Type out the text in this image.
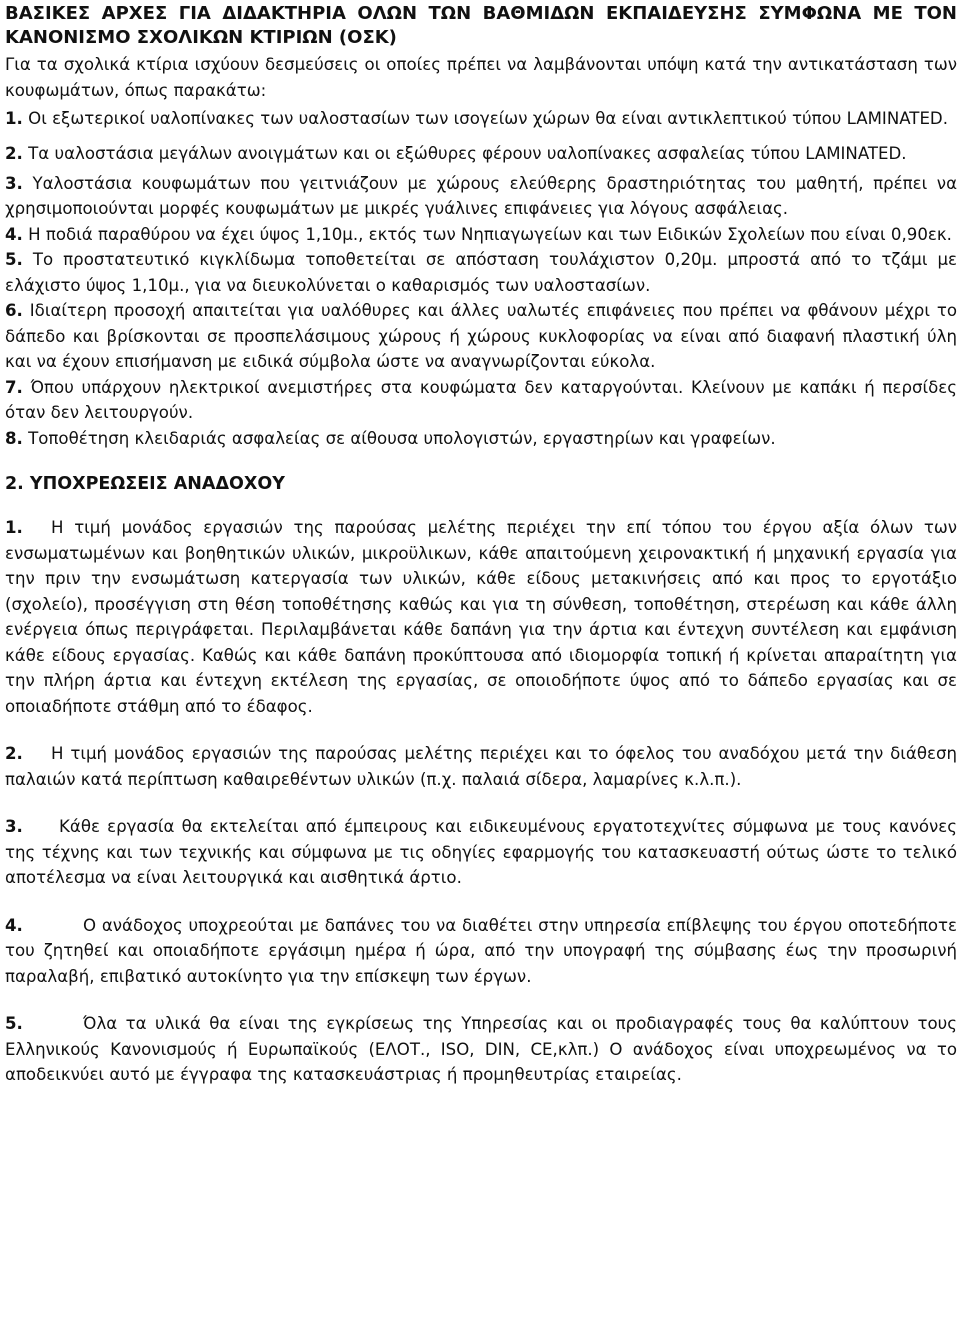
ΒΑΣΙΚΕΣ ΑΡΧΕΣ ΓΙΑ ΔΙΔΑΚΤΗΡΙΑ ΟΛΩΝ ΤΩΝ ΒΑΘΜΙΔΩΝ ΕΚΠΑΙΔΕΥΣΗΣ ΣΥΜΦΩΝΑ ΜΕ ΤΟΝ ΚΑΝΟΝΙΣΜΟ ΣΧΟΛΙΚΩΝ ΚΤΙΡΙΩΝ (ΟΣΚ)

Για τα σχολικά κτίρια ισχύουν δεσμεύσεις οι οποίες πρέπει να λαμβάνονται υπόψη κατά την αντικατάσταση των κουφωμάτων, όπως παρακάτω:

1. Οι εξωτερικοί υαλοπίνακες των υαλοστασίων των ισογείων χώρων θα είναι αντικλεπτικού τύπου LAMINATED.

2. Τα υαλοστάσια μεγάλων ανοιγμάτων και οι εξώθυρες φέρουν υαλοπίνακες ασφαλείας τύπου LAMINATED.

3. Υαλοστάσια κουφωμάτων που γειτνιάζουν με χώρους ελεύθερης δραστηριότητας του μαθητή, πρέπει να χρησιμοποιούνται μορφές κουφωμάτων με μικρές γυάλινες επιφάνειες για λόγους ασφάλειας.

4. Η ποδιά παραθύρου να έχει ύψος 1,10μ., εκτός των Νηπιαγωγείων και των Ειδικών Σχολείων που είναι 0,90εκ.

5. Το προστατευτικό κιγκλίδωμα τοποθετείται σε απόσταση τουλάχιστον 0,20μ. μπροστά από το τζάμι με ελάχιστο ύψος 1,10μ., για να διευκολύνεται ο καθαρισμός των υαλοστασίων.

6. Ιδιαίτερη προσοχή απαιτείται για υαλόθυρες και άλλες υαλωτές επιφάνειες που πρέπει να φθάνουν μέχρι το δάπεδο και βρίσκονται σε προσπελάσιμους χώρους ή χώρους κυκλοφορίας να είναι από διαφανή πλαστική ύλη και να έχουν επισήμανση με ειδικά σύμβολα ώστε να αναγνωρίζονται εύκολα.

7. Όπου υπάρχουν ηλεκτρικοί ανεμιστήρες στα κουφώματα δεν καταργούνται. Κλείνουν με καπάκι ή περσίδες όταν δεν λειτουργούν.

8. Τοποθέτηση κλειδαριάς ασφαλείας σε αίθουσα υπολογιστών, εργαστηρίων και γραφείων.

2. ΥΠΟΧΡΕΩΣΕΙΣ ΑΝΑΔΟΧΟΥ

1. Η τιμή μονάδος εργασιών της παρούσας μελέτης περιέχει την επί τόπου του έργου αξία όλων των ενσωματωμένων και βοηθητικών υλικών, μικροϋλικων, κάθε απαιτούμενη χειρονακτική ή μηχανική εργασία για την πριν την ενσωμάτωση κατεργασία των υλικών, κάθε είδους μετακινήσεις από και προς το εργοτάξιο (σχολείο), προσέγγιση στη θέση τοποθέτησης καθώς και για τη σύνθεση, τοποθέτηση, στερέωση και κάθε άλλη ενέργεια όπως περιγράφεται. Περιλαμβάνεται κάθε δαπάνη για την άρτια και έντεχνη συντέλεση και εμφάνιση κάθε είδους εργασίας. Καθώς και κάθε δαπάνη προκύπτουσα από ιδιομορφία τοπική ή κρίνεται απαραίτητη για την πλήρη άρτια και έντεχνη εκτέλεση της εργασίας, σε οποιοδήποτε ύψος από το δάπεδο εργασίας και σε οποιαδήποτε στάθμη από το έδαφος.

2. Η τιμή μονάδος εργασιών της παρούσας μελέτης περιέχει και το όφελος του αναδόχου μετά την διάθεση παλαιών κατά περίπτωση καθαιρεθέντων υλικών (π.χ. παλαιά σίδερα, λαμαρίνες κ.λ.π.).

3. Κάθε εργασία θα εκτελείται από έμπειρους και ειδικευμένους εργατοτεχνίτες σύμφωνα με τους κανόνες της τέχνης και των τεχνικής και σύμφωνα με τις οδηγίες εφαρμογής του κατασκευαστή ούτως ώστε το τελικό αποτέλεσμα να είναι λειτουργικά και αισθητικά άρτιο.

4.	Ο ανάδοχος υποχρεούται με δαπάνες του να διαθέτει στην υπηρεσία επίβλεψης του έργου οποτεδήποτε του ζητηθεί και οποιαδήποτε εργάσιμη ημέρα ή ώρα, από την υπογραφή της σύμβασης έως την προσωρινή παραλαβή, επιβατικό αυτοκίνητο για την επίσκεψη των έργων.

5.	Όλα τα υλικά θα είναι της εγκρίσεως της Υπηρεσίας και οι προδιαγραφές τους θα καλύπτουν τους Ελληνικούς Κανονισμούς ή Ευρωπαϊκούς (ΕΛΟΤ., ISO, DIN, CE,κλπ.) Ο ανάδοχος είναι υποχρεωμένος να το αποδεικνύει αυτό με έγγραφα της κατασκευάστριας ή προμηθευτρίας εταιρείας.
